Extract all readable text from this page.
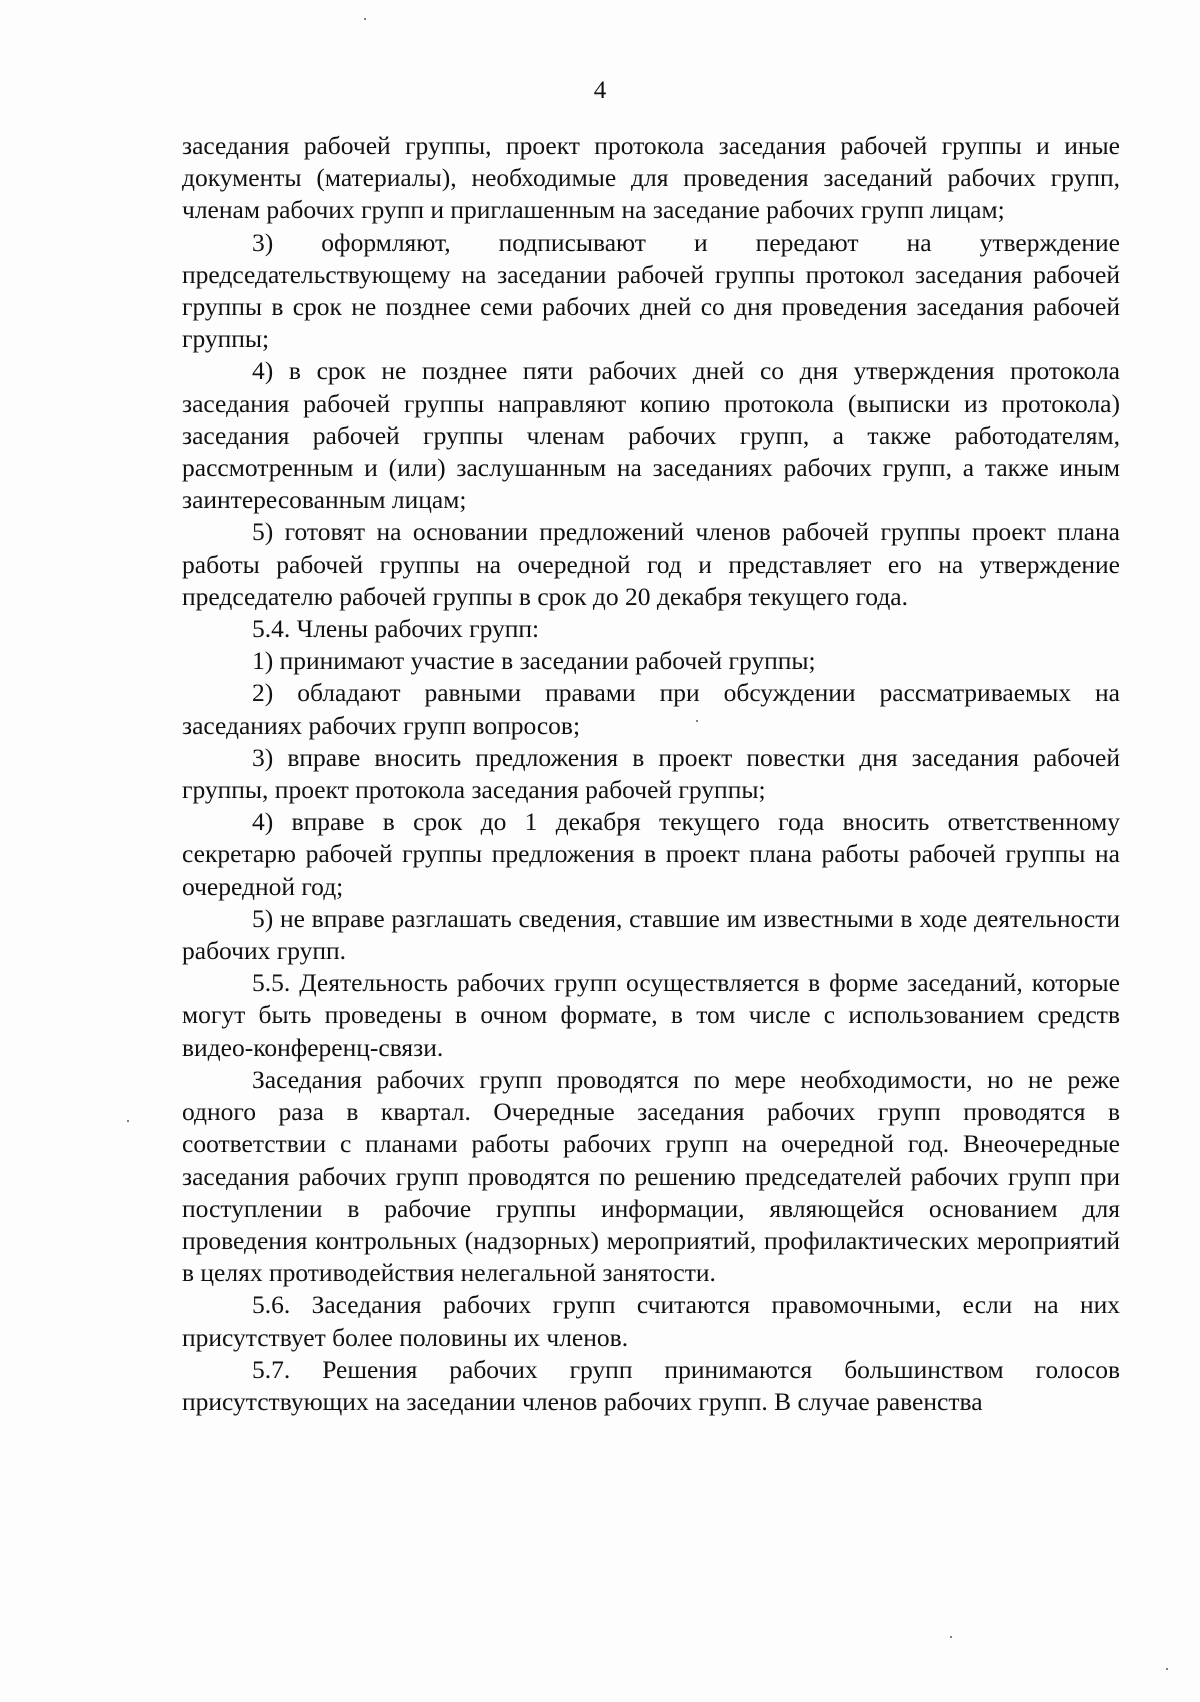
4

заседания рабочей группы, проект протокола заседания рабочей группы и иные документы (материалы), необходимые для проведения заседаний рабочих групп, членам рабочих групп и приглашенным на заседание рабочих групп лицам;

3) оформляют, подписывают и передают на утверждение председательствующему на заседании рабочей группы протокол заседания рабочей группы в срок не позднее семи рабочих дней со дня проведения заседания рабочей группы;

4) в срок не позднее пяти рабочих дней со дня утверждения протокола заседания рабочей группы направляют копию протокола (выписки из протокола) заседания рабочей группы членам рабочих групп, а также работодателям, рассмотренным и (или) заслушанным на заседаниях рабочих групп, а также иным заинтересованным лицам;

5) готовят на основании предложений членов рабочей группы проект плана работы рабочей группы на очередной год и представляет его на утверждение председателю рабочей группы в срок до 20 декабря текущего года.

5.4. Члены рабочих групп:

1) принимают участие в заседании рабочей группы;

2) обладают равными правами при обсуждении рассматриваемых на заседаниях рабочих групп вопросов;

3) вправе вносить предложения в проект повестки дня заседания рабочей группы, проект протокола заседания рабочей группы;

4) вправе в срок до 1 декабря текущего года вносить ответственному секретарю рабочей группы предложения в проект плана работы рабочей группы на очередной год;

5) не вправе разглашать сведения, ставшие им известными в ходе деятельности рабочих групп.

5.5. Деятельность рабочих групп осуществляется в форме заседаний, которые могут быть проведены в очном формате, в том числе с использованием средств видео-конференц-связи.

Заседания рабочих групп проводятся по мере необходимости, но не реже одного раза в квартал. Очередные заседания рабочих групп проводятся в соответствии с планами работы рабочих групп на очередной год. Внеочередные заседания рабочих групп проводятся по решению председателей рабочих групп при поступлении в рабочие группы информации, являющейся основанием для проведения контрольных (надзорных) мероприятий, профилактических мероприятий в целях противодействия нелегальной занятости.

5.6. Заседания рабочих групп считаются правомочными, если на них присутствует более половины их членов.

5.7. Решения рабочих групп принимаются большинством голосов присутствующих на заседании членов рабочих групп. В случае равенства
